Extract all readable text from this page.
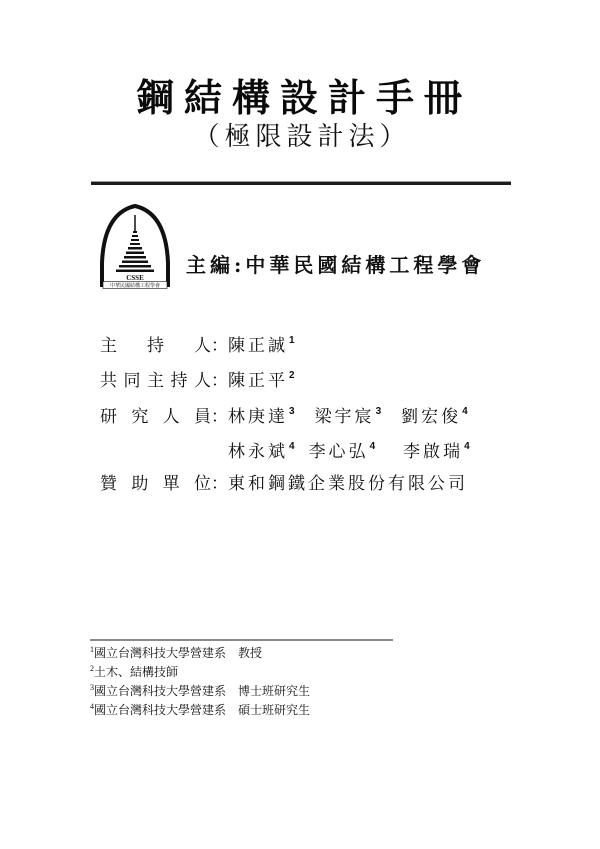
鋼結構設計手冊
（極限設計法）
CSSE
中華民國結構工程學會
主編:中華民國結構工程學會
主 持 人： 陳正誠$^1$
共 同 主 持 人： 陳正平$^2$
研 究 人 員： 林庚達$^3$ 梁宇宸$^3$ 劉宏俊$^4$
林永斌$^4$ 李心弘$^4$ 李啟瑞$^4$
贊 助 單 位： 東和鋼鐵企業股份有限公司
$^1$國立台灣科技大學營建系　教授
$^2$土木、結構技師
$^3$國立台灣科技大學營建系　博士班研究生
$^4$國立台灣科技大學營建系　碩士班研究生
